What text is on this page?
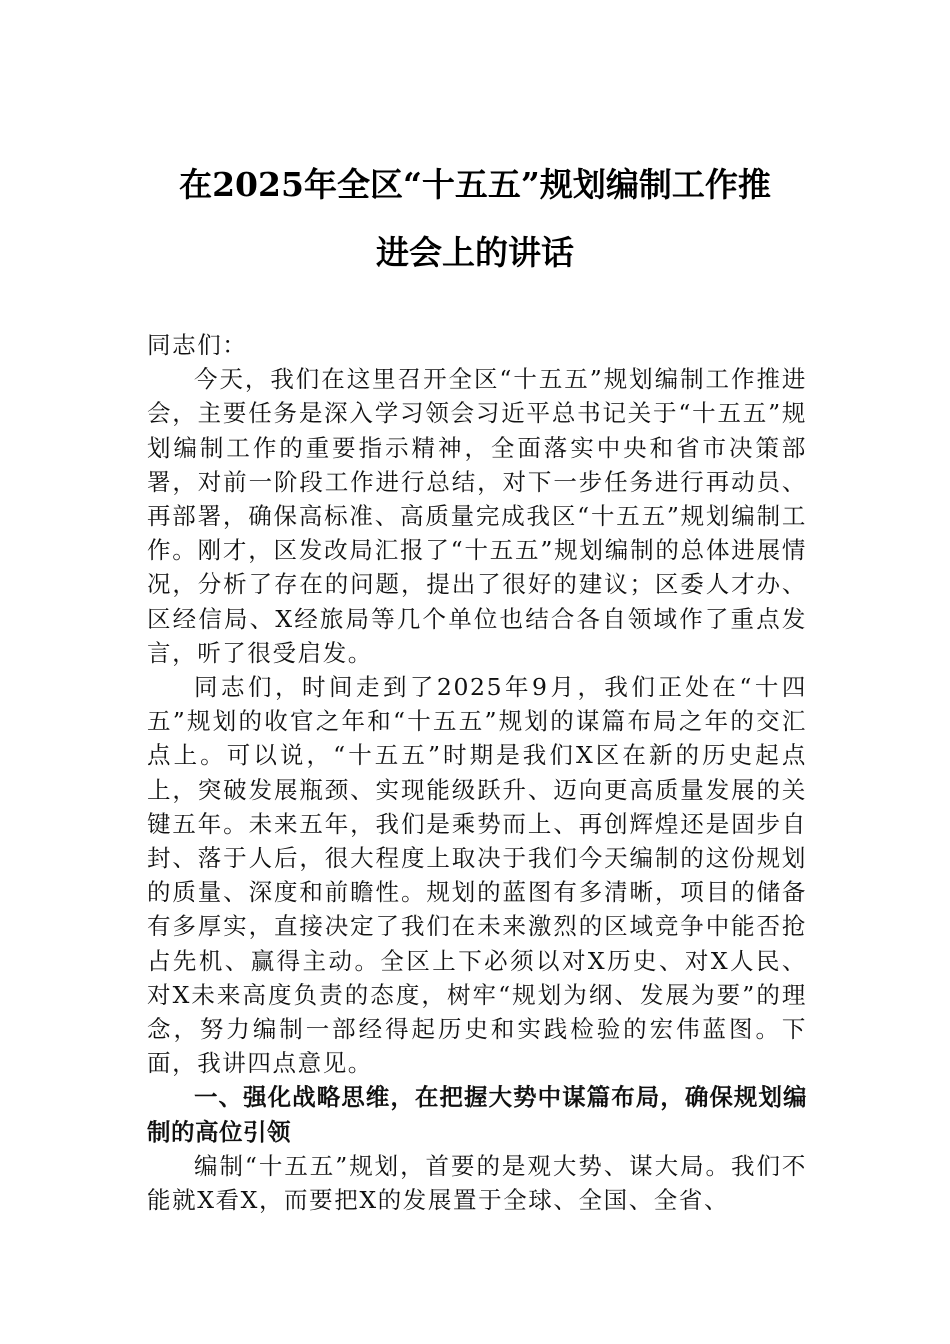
在2025年全区“十五五”规划编制工作推
进会上的讲话

同志们：

今天，我们在这里召开全区“十五五”规划编制工作推进会，主要任务是深入学习领会习近平总书记关于“十五五”规划编制工作的重要指示精神，全面落实中央和省市决策部署，对前一阶段工作进行总结，对下一步任务进行再动员、再部署，确保高标准、高质量完成我区“十五五”规划编制工作。刚才，区发改局汇报了“十五五”规划编制的总体进展情况，分析了存在的问题，提出了很好的建议；区委人才办、区经信局、X经旅局等几个单位也结合各自领域作了重点发言，听了很受启发。

同志们，时间走到了2025年9月，我们正处在“十四五”规划的收官之年和“十五五”规划的谋篇布局之年的交汇点上。可以说，“十五五”时期是我们X区在新的历史起点上，突破发展瓶颈、实现能级跃升、迈向更高质量发展的关键五年。未来五年，我们是乘势而上、再创辉煌还是固步自封、落于人后，很大程度上取决于我们今天编制的这份规划的质量、深度和前瞻性。规划的蓝图有多清晰，项目的储备有多厚实，直接决定了我们在未来激烈的区域竞争中能否抢占先机、赢得主动。全区上下必须以对X历史、对X人民、对X未来高度负责的态度，树牢“规划为纲、发展为要”的理念，努力编制一部经得起历史和实践检验的宏伟蓝图。下面，我讲四点意见。

一、强化战略思维，在把握大势中谋篇布局，确保规划编制的高位引领

编制“十五五”规划，首要的是观大势、谋大局。我们不能就X看X，而要把X的发展置于全球、全国、全省、
